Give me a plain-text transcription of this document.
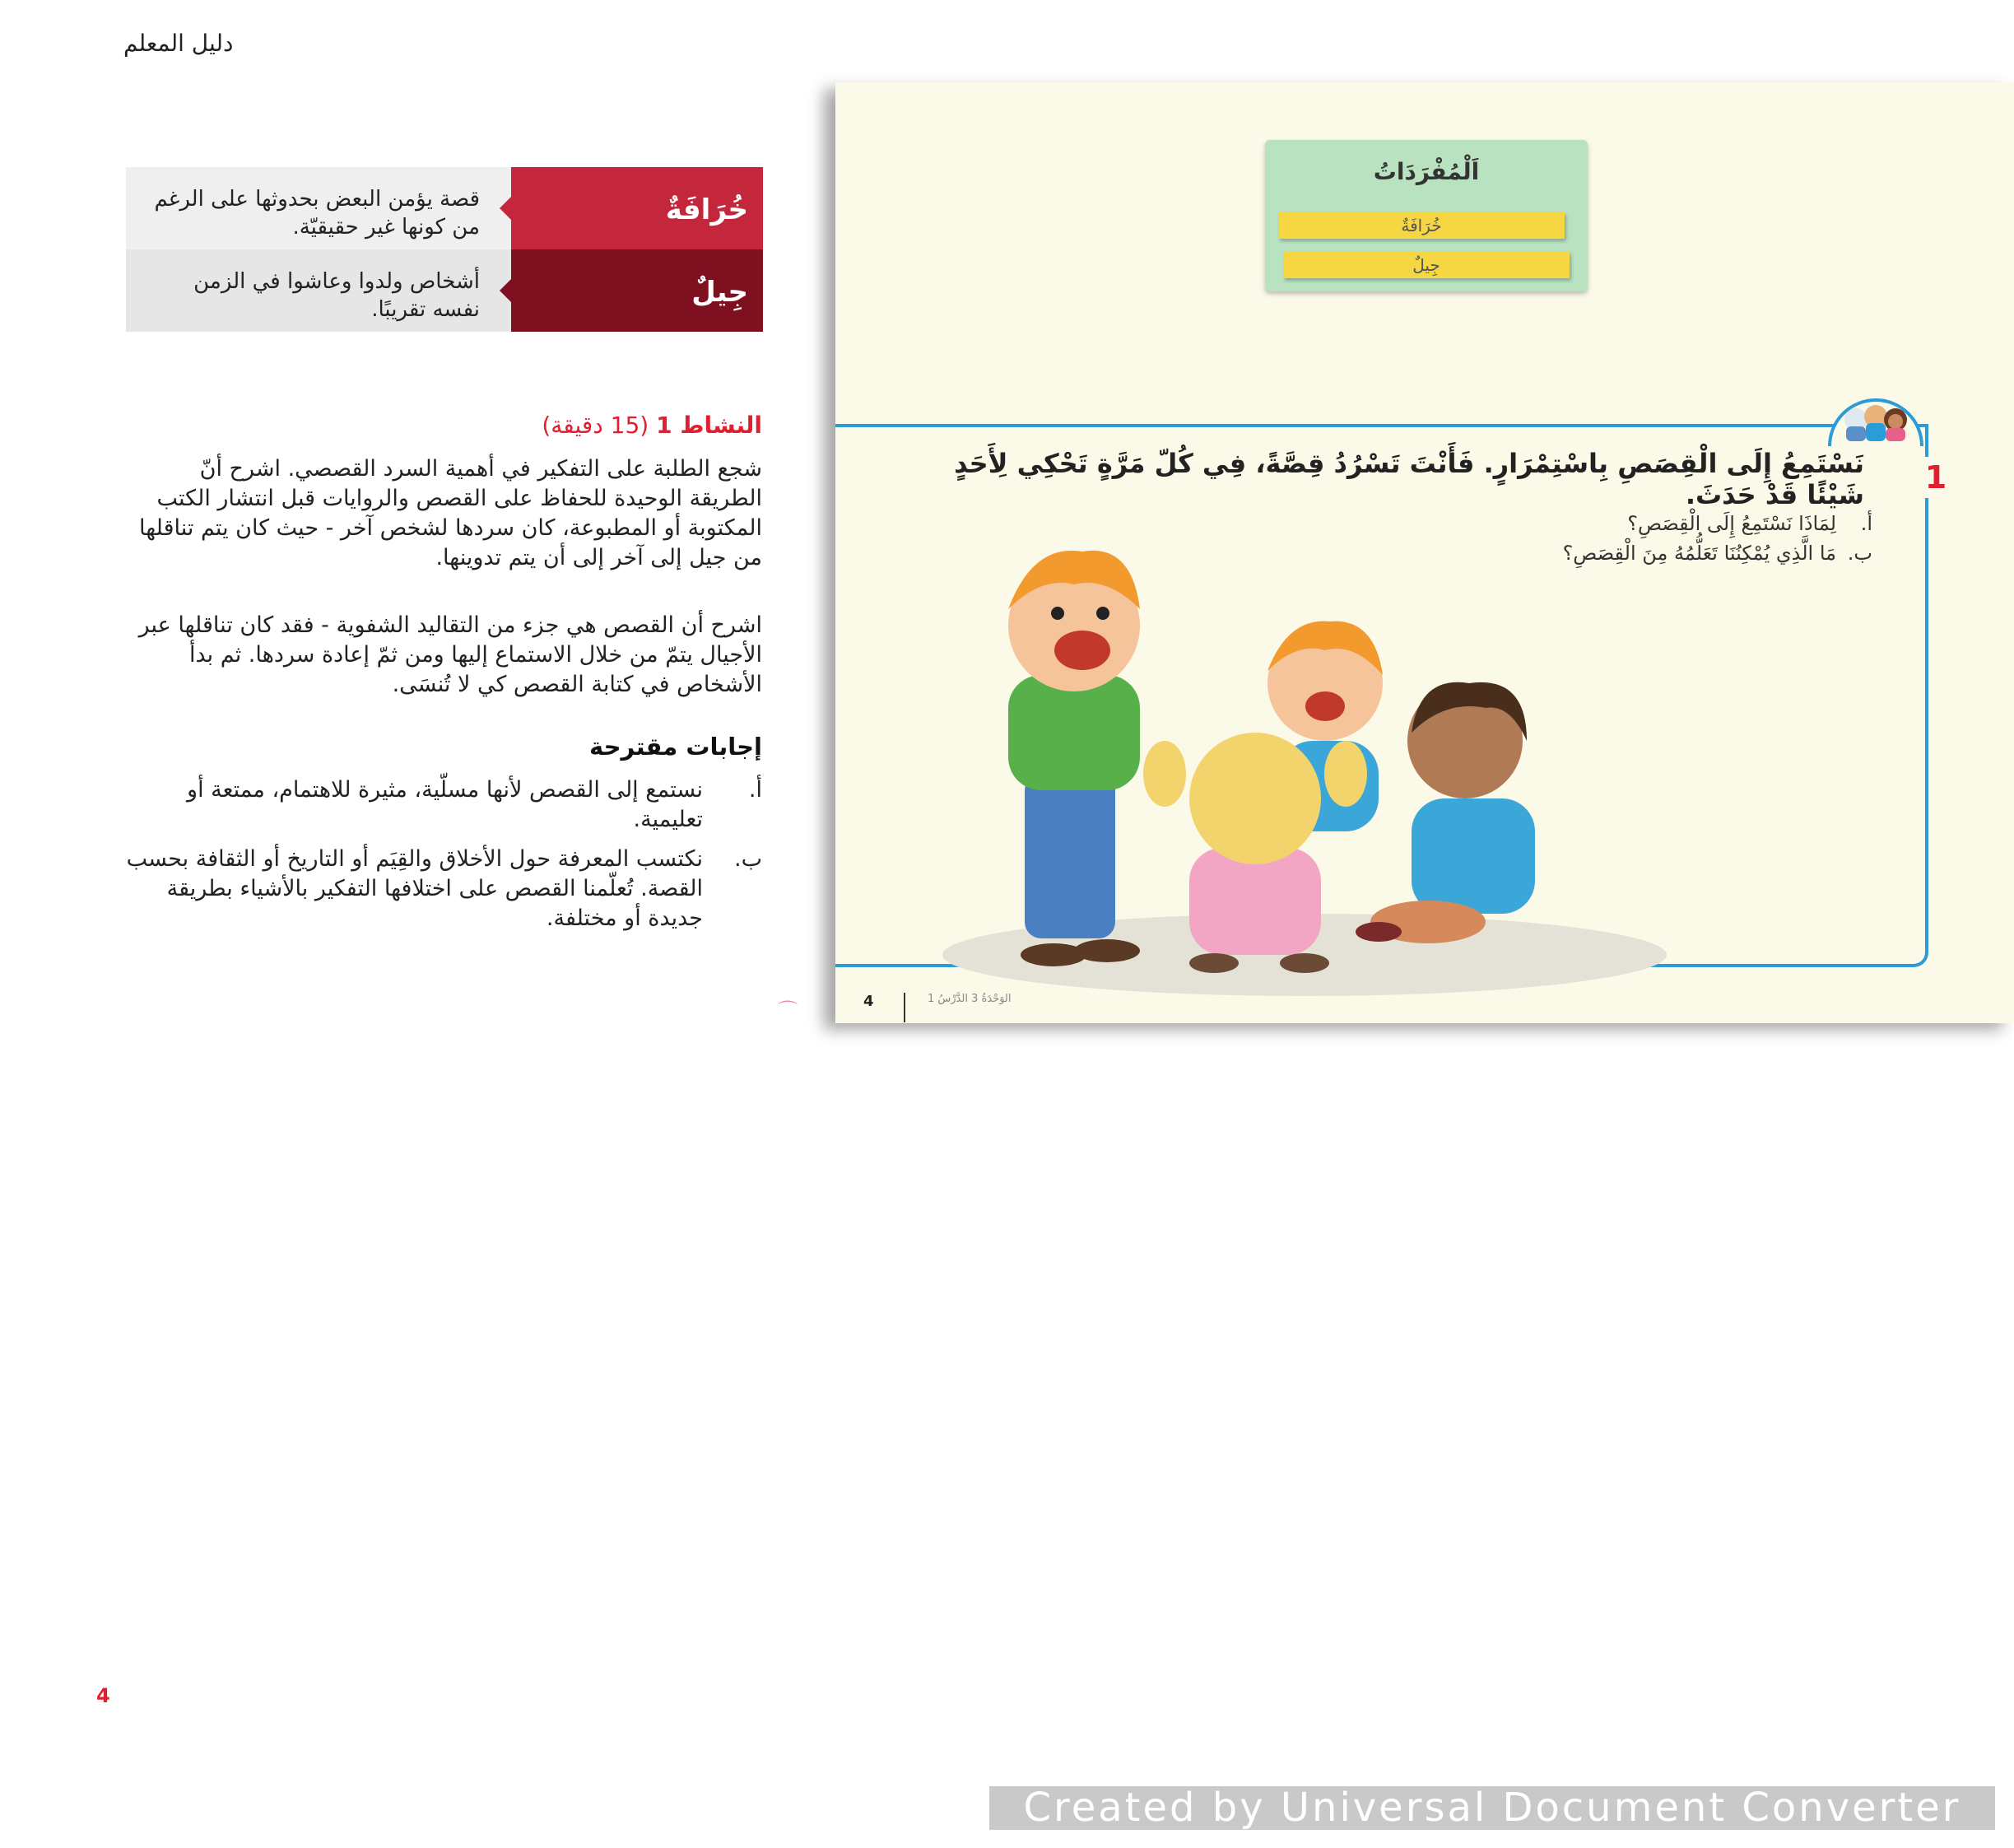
دليل المعلم
قصة يؤمن البعض بحدوثها على الرغم من كونها غير حقيقيّة.
خُرَافَةٌ
أشخاص ولدوا وعاشوا في الزمن نفسه تقريبًا.
جِيلٌ
النشاط 1 (15 دقيقة)
شجع الطلبة على التفكير في أهمية السرد القصصي. اشرح أنّ الطريقة الوحيدة للحفاظ على القصص والروايات قبل انتشار الكتب المكتوبة أو المطبوعة، كان سردها لشخص آخر - حيث كان يتم تناقلها من جيل إلى آخر إلى أن يتم تدوينها.
اشرح أن القصص هي جزء من التقاليد الشفوية - فقد كان تناقلها عبر الأجيال يتمّ من خلال الاستماع إليها ومن ثمّ إعادة سردها. ثم بدأ الأشخاص في كتابة القصص كي لا تُنسَى.
إجابات مقترحة
أ.
نستمع إلى القصص لأنها مسلّية، مثيرة للاهتمام، ممتعة أو تعليمية.
ب.
نكتسب المعرفة حول الأخلاق والقِيَم أو التاريخ أو الثقافة بحسب القصة. تُعلّمنا القصص على اختلافها التفكير بالأشياء بطريقة جديدة أو مختلفة.
4
⌒
اَلْمُفْرَدَاتُ
خُرَافَةٌ
جِيلٌ
1
نَسْتَمِعُ إِلَى الْقِصَصِ بِاسْتِمْرَارٍ. فَأَنْتَ تَسْرُدُ قِصَّةً، فِي كُلّ مَرَّةٍ تَحْكِي لِأَحَدٍ شَيْئًا قَدْ حَدَثَ.
أ.
لِمَاذَا نَسْتَمِعُ إِلَى الْقِصَصِ؟
ب.
مَا الَّذِي يُمْكِنُنَا تَعَلُّمُهُ مِنَ الْقِصَصِ؟
4	الوَحْدَةُ 3 الدَّرْسُ 1
Created by Universal Document Converter
